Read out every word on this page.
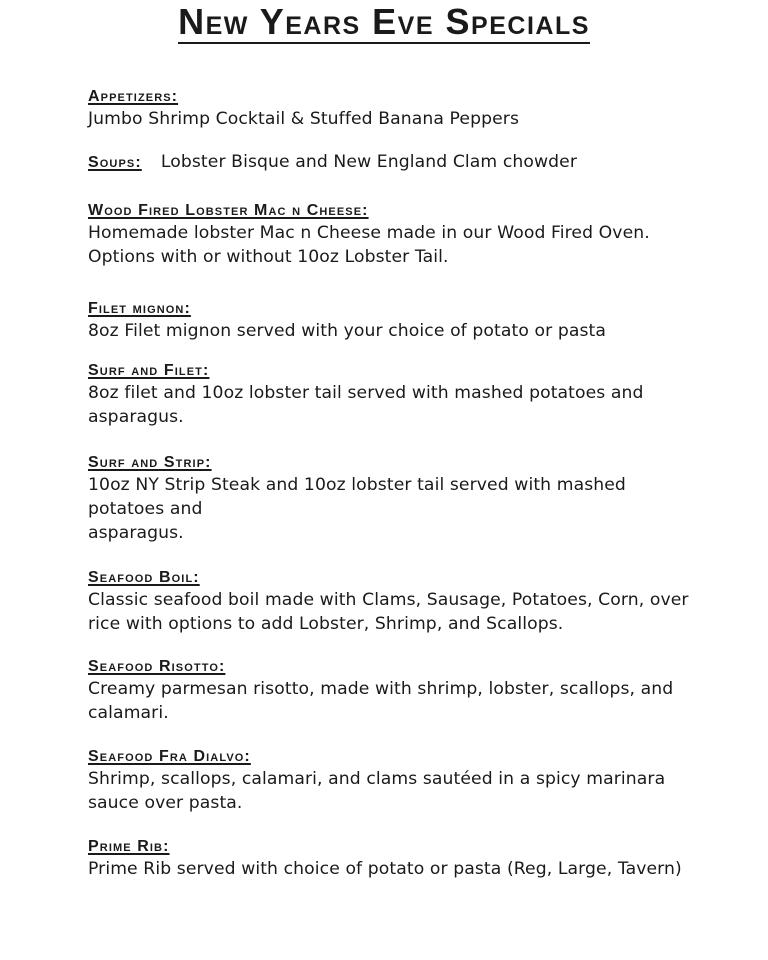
New Years Eve Specials
Appetizers:
Jumbo Shrimp Cocktail & Stuffed Banana Peppers
Soups: Lobster Bisque and New England Clam chowder
Wood Fired Lobster Mac n Cheese:
Homemade lobster Mac n Cheese made in our Wood Fired Oven.
Options with or without 10oz Lobster Tail.
Filet mignon:
8oz Filet mignon served with your choice of potato or pasta
Surf and Filet:
8oz filet and 10oz lobster tail served with mashed potatoes and
asparagus.
Surf and Strip:
10oz NY Strip Steak and 10oz lobster tail served with mashed
potatoes and
asparagus.
Seafood Boil:
Classic seafood boil made with Clams, Sausage, Potatoes, Corn, over
rice with options to add Lobster, Shrimp, and Scallops.
Seafood Risotto:
Creamy parmesan risotto, made with shrimp, lobster, scallops, and
calamari.
Seafood Fra Dialvo:
Shrimp, scallops, calamari, and clams sautéed in a spicy marinara
sauce over pasta.
Prime Rib:
Prime Rib served with choice of potato or pasta (Reg, Large, Tavern)
